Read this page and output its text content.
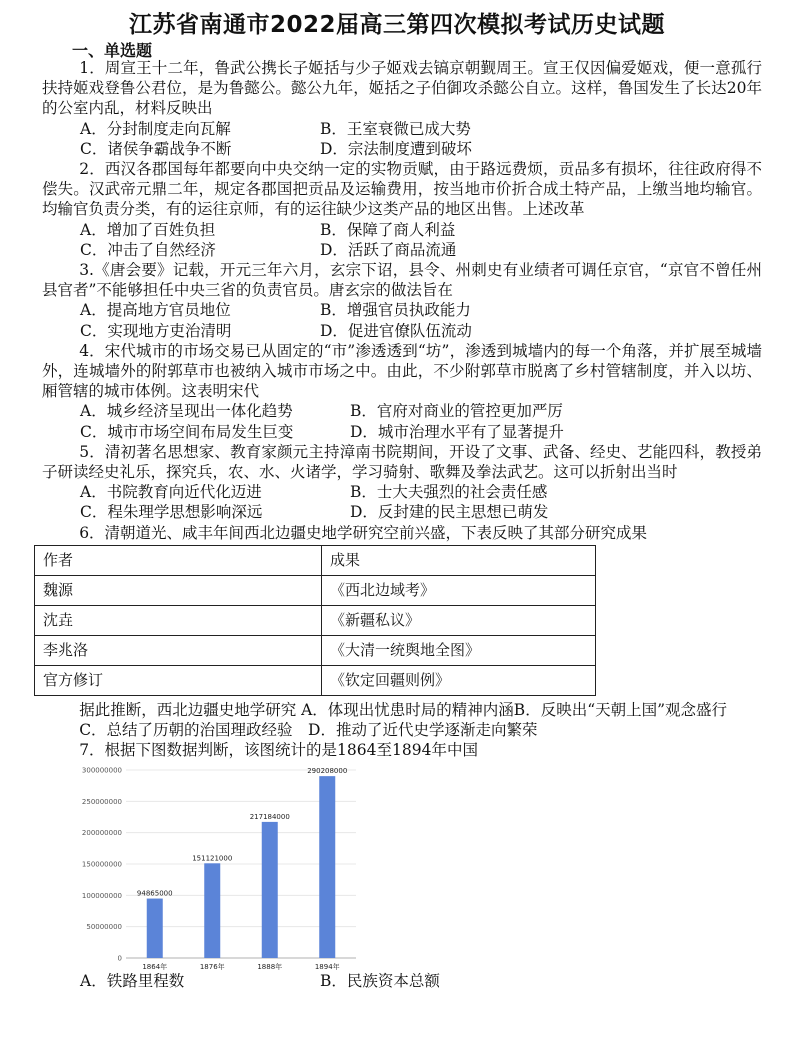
江苏省南通市2022届高三第四次模拟考试历史试题
一、单选题

1．周宣王十二年，鲁武公携长子姬括与少子姬戏去镐京朝觐周王。宣王仅因偏爱姬戏，便一意孤行扶持姬戏登鲁公君位，是为鲁懿公。懿公九年，姬括之子伯御攻杀懿公自立。这样，鲁国发生了长达20年的公室内乱，材料反映出

A．分封制度走向瓦解	B．王室衰微已成大势
C．诸侯争霸战争不断	D．宗法制度遭到破坏

2．西汉各郡国每年都要向中央交纳一定的实物贡赋，由于路远费烦，贡品多有损坏，往往政府得不偿失。汉武帝元鼎二年，规定各郡国把贡品及运输费用，按当地市价折合成土特产品，上缴当地均输官。均输官负责分类，有的运往京师，有的运往缺少这类产品的地区出售。上述改革

A．增加了百姓负担	B．保障了商人利益
C．冲击了自然经济	D．活跃了商品流通

3.《唐会要》记载，开元三年六月，玄宗下诏，县令、州刺史有业绩者可调任京官，“京官不曾任州县官者”不能够担任中央三省的负责官员。唐玄宗的做法旨在

A．提高地方官员地位	B．增强官员执政能力
C．实现地方吏治清明	D．促进官僚队伍流动

4．宋代城市的市场交易已从固定的“市”渗透透到“坊”，渗透到城墙内的每一个角落，并扩展至城墙外，连城墙外的附郭草市也被纳入城市市场之中。由此，不少附郭草市脱离了乡村管辖制度，并入以坊、厢管辖的城市体例。这表明宋代

A．城乡经济呈现出一体化趋势	B．官府对商业的管控更加严厉
C．城市市场空间布局发生巨变	D．城市治理水平有了显著提升

5．清初著名思想家、教育家颜元主持漳南书院期间，开设了文事、武备、经史、艺能四科，教授弟子研读经史礼乐，探究兵，农、水、火诸学，学习骑射、歌舞及拳法武艺。这可以折射出当时

A．书院教育向近代化迈进	B．士大夫强烈的社会责任感
C．程朱理学思想影响深远	D．反封建的民主思想已萌发

6．清朝道光、咸丰年间西北边疆史地学研究空前兴盛，下表反映了其部分研究成果

作者	成果
魏源	《西北边域考》
沈垚	《新疆私议》
李兆洛	《大清一统舆地全图》
官方修订	《钦定回疆则例》

据此推断，西北边疆史地学研究 A．体现出忧患时局的精神内涵B．反映出“天朝上国”观念盛行

C．总结了历朝的治国理政经验　D．推动了近代史学逐渐走向繁荣

7．根据下图数据判断，该图统计的是1864至1894年中国

0
50000000
100000000
150000000
200000000
250000000
300000000
94865000
1864年
151121000
1876年
217184000
1888年
290208000
1894年
A．铁路里程数	B．民族资本总额
